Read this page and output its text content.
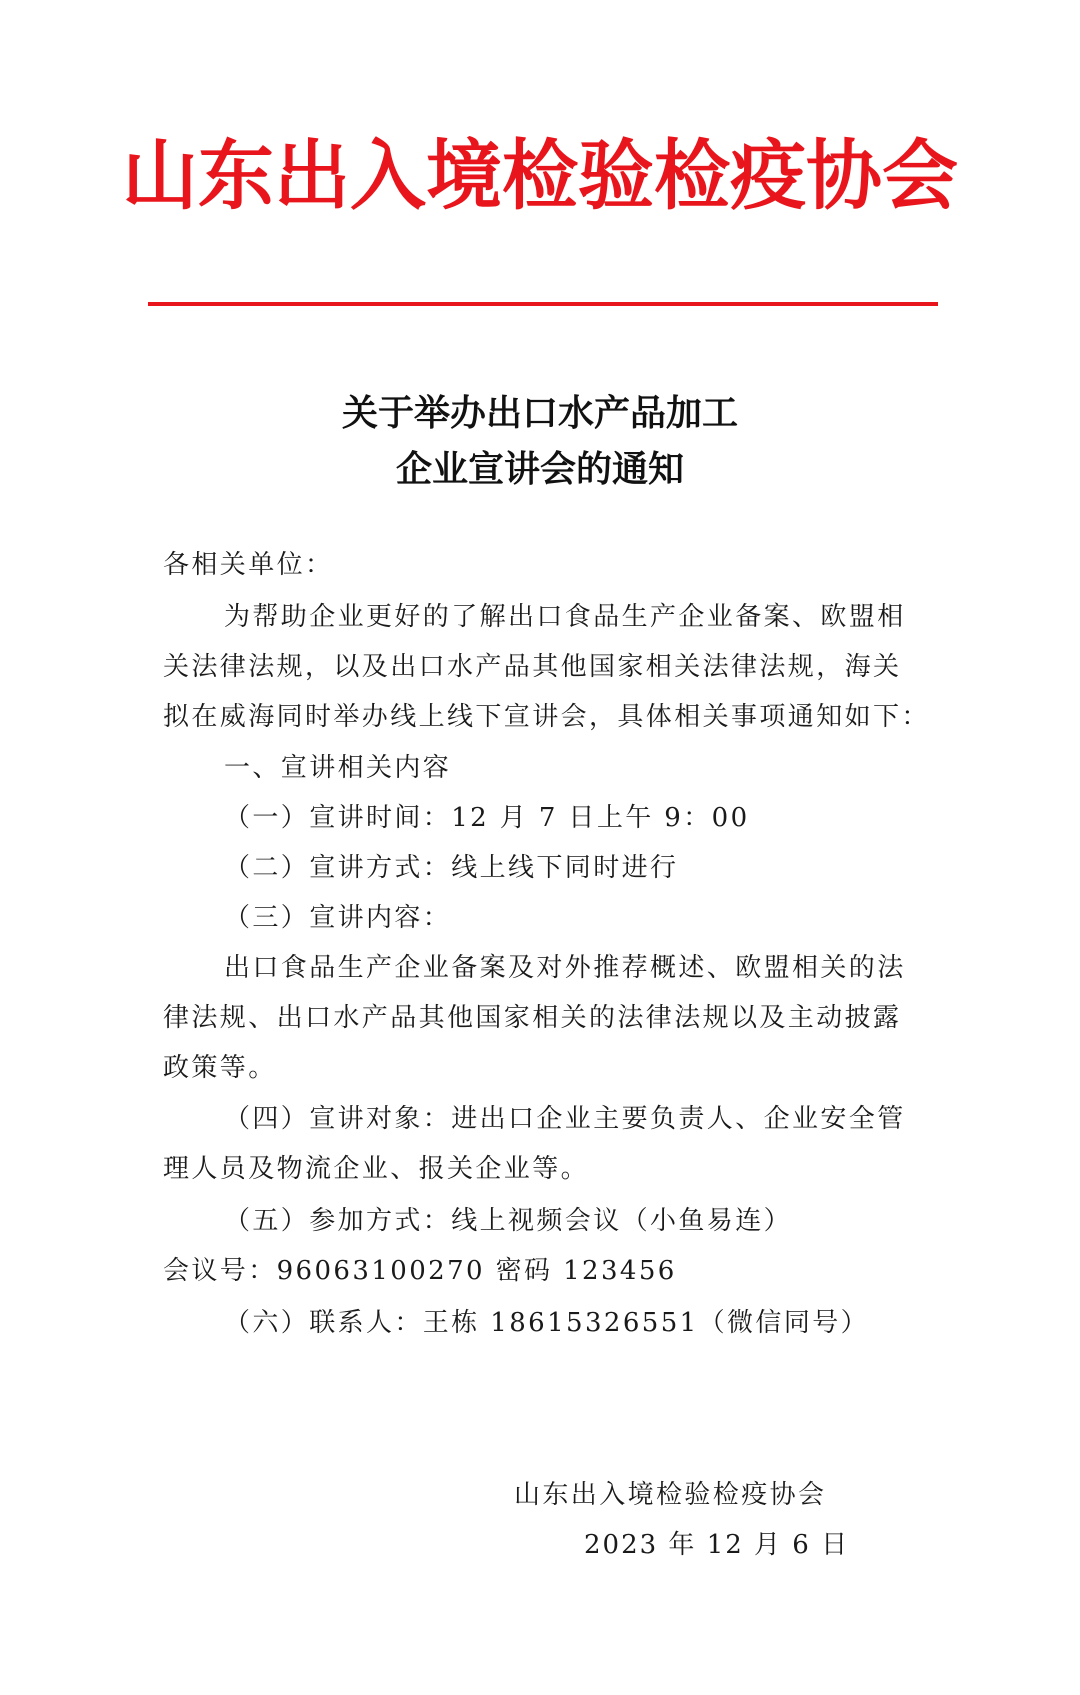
山东出入境检验检疫协会
关于举办出口水产品加工
企业宣讲会的通知
各相关单位：
为帮助企业更好的了解出口食品生产企业备案、欧盟相
关法律法规，以及出口水产品其他国家相关法律法规，海关
拟在威海同时举办线上线下宣讲会，具体相关事项通知如下：
一、宣讲相关内容
（一）宣讲时间：12 月 7 日上午 9：00
（二）宣讲方式：线上线下同时进行
（三）宣讲内容：
出口食品生产企业备案及对外推荐概述、欧盟相关的法
律法规、出口水产品其他国家相关的法律法规以及主动披露
政策等。
（四）宣讲对象：进出口企业主要负责人、企业安全管
理人员及物流企业、报关企业等。
（五）参加方式：线上视频会议（小鱼易连）
会议号：96063100270 密码 123456
（六）联系人：王栋 18615326551（微信同号）
山东出入境检验检疫协会
2023 年 12 月 6 日
